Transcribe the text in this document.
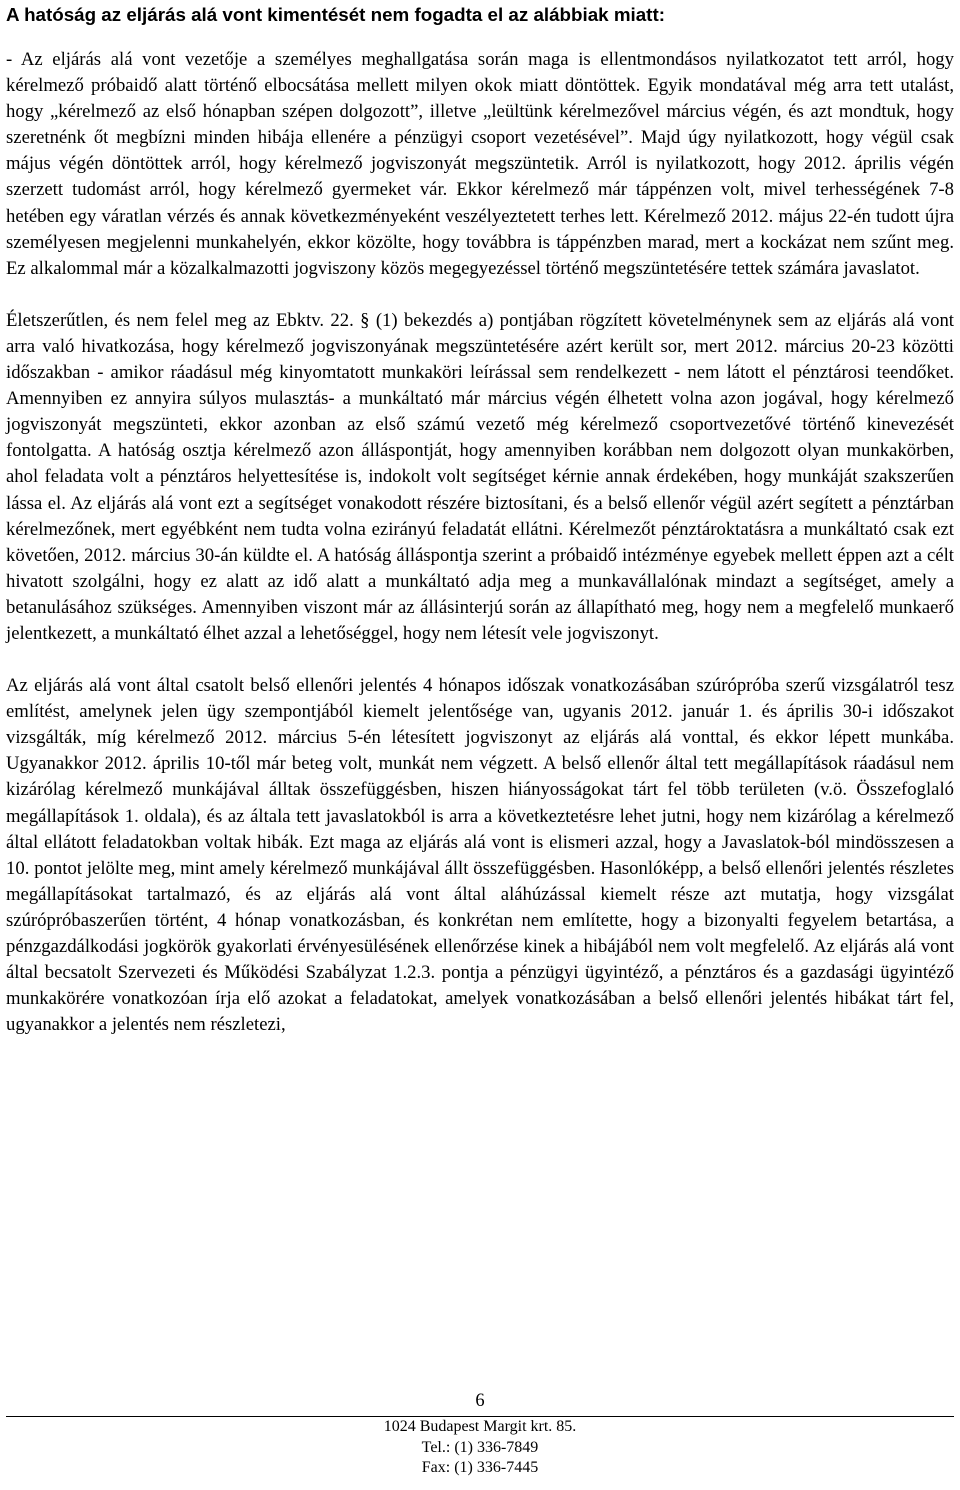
A hatóság az eljárás alá vont kimentését nem fogadta el az alábbiak miatt:

- Az eljárás alá vont vezetője a személyes meghallgatása során maga is ellentmondásos nyilatkozatot tett arról, hogy kérelmező próbaidő alatt történő elbocsátása mellett milyen okok miatt döntöttek. Egyik mondatával még arra tett utalást, hogy „kérelmező az első hónapban szépen dolgozott”, illetve „leültünk kérelmezővel március végén, és azt mondtuk, hogy szeretnénk őt megbízni minden hibája ellenére a pénzügyi csoport vezetésével”. Majd úgy nyilatkozott, hogy végül csak május végén döntöttek arról, hogy kérelmező jogviszonyát megszüntetik. Arról is nyilatkozott, hogy 2012. április végén szerzett tudomást arról, hogy kérelmező gyermeket vár. Ekkor kérelmező már táppénzen volt, mivel terhességének 7-8 hetében egy váratlan vérzés és annak következményeként veszélyeztetett terhes lett. Kérelmező 2012. május 22-én tudott újra személyesen megjelenni munkahelyén, ekkor közölte, hogy továbbra is táppénzben marad, mert a kockázat nem szűnt meg. Ez alkalommal már a közalkalmazotti jogviszony közös megegyezéssel történő megszüntetésére tettek számára javaslatot.

Életszerűtlen, és nem felel meg az Ebktv. 22. § (1) bekezdés a) pontjában rögzített követelménynek sem az eljárás alá vont arra való hivatkozása, hogy kérelmező jogviszonyának megszüntetésére azért került sor, mert 2012. március 20-23 közötti időszakban - amikor ráadásul még kinyomtatott munkaköri leírással sem rendelkezett - nem látott el pénztárosi teendőket. Amennyiben ez annyira súlyos mulasztás- a munkáltató már március végén élhetett volna azon jogával, hogy kérelmező jogviszonyát megszünteti, ekkor azonban az első számú vezető még kérelmező csoportvezetővé történő kinevezését fontolgatta. A hatóság osztja kérelmező azon álláspontját, hogy amennyiben korábban nem dolgozott olyan munkakörben, ahol feladata volt a pénztáros helyettesítése is, indokolt volt segítséget kérnie annak érdekében, hogy munkáját szakszerűen lássa el. Az eljárás alá vont ezt a segítséget vonakodott részére biztosítani, és a belső ellenőr végül azért segített a pénztárban kérelmezőnek, mert egyébként nem tudta volna ezirányú feladatát ellátni. Kérelmezőt pénztároktatásra a munkáltató csak ezt követően, 2012. március 30-án küldte el. A hatóság álláspontja szerint a próbaidő intézménye egyebek mellett éppen azt a célt hivatott szolgálni, hogy ez alatt az idő alatt a munkáltató adja meg a munkavállalónak mindazt a segítséget, amely a betanulásához szükséges. Amennyiben viszont már az állásinterjú során az állapítható meg, hogy nem a megfelelő munkaerő jelentkezett, a munkáltató élhet azzal a lehetőséggel, hogy nem létesít vele jogviszonyt.

Az eljárás alá vont által csatolt belső ellenőri jelentés 4 hónapos időszak vonatkozásában szúrópróba szerű vizsgálatról tesz említést, amelynek jelen ügy szempontjából kiemelt jelentősége van, ugyanis 2012. január 1. és április 30-i időszakot vizsgálták, míg kérelmező 2012. március 5-én létesített jogviszonyt az eljárás alá vonttal, és ekkor lépett munkába. Ugyanakkor 2012. április 10-től már beteg volt, munkát nem végzett. A belső ellenőr által tett megállapítások ráadásul nem kizárólag kérelmező munkájával álltak összefüggésben, hiszen hiányosságokat tárt fel több területen (v.ö. Összefoglaló megállapítások 1. oldala), és az általa tett javaslatokból is arra a következtetésre lehet jutni, hogy nem kizárólag a kérelmező által ellátott feladatokban voltak hibák. Ezt maga az eljárás alá vont is elismeri azzal, hogy a Javaslatok-ból mindösszesen a 10. pontot jelölte meg, mint amely kérelmező munkájával állt összefüggésben. Hasonlóképp, a belső ellenőri jelentés részletes megállapításokat tartalmazó, és az eljárás alá vont által aláhúzással kiemelt része azt mutatja, hogy vizsgálat szúrópróbaszerűen történt, 4 hónap vonatkozásban, és konkrétan nem említette, hogy a bizonyalti fegyelem betartása, a pénzgazdálkodási jogkörök gyakorlati érvényesülésének ellenőrzése kinek a hibájából nem volt megfelelő. Az eljárás alá vont által becsatolt Szervezeti és Működési Szabályzat 1.2.3. pontja a pénzügyi ügyintéző, a pénztáros és a gazdasági ügyintéző munkakörére vonatkozóan írja elő azokat a feladatokat, amelyek vonatkozásában a belső ellenőri jelentés hibákat tárt fel, ugyanakkor a jelentés nem részletezi,

6
1024 Budapest Margit krt. 85.
Tel.: (1) 336-7849
Fax: (1) 336-7445
